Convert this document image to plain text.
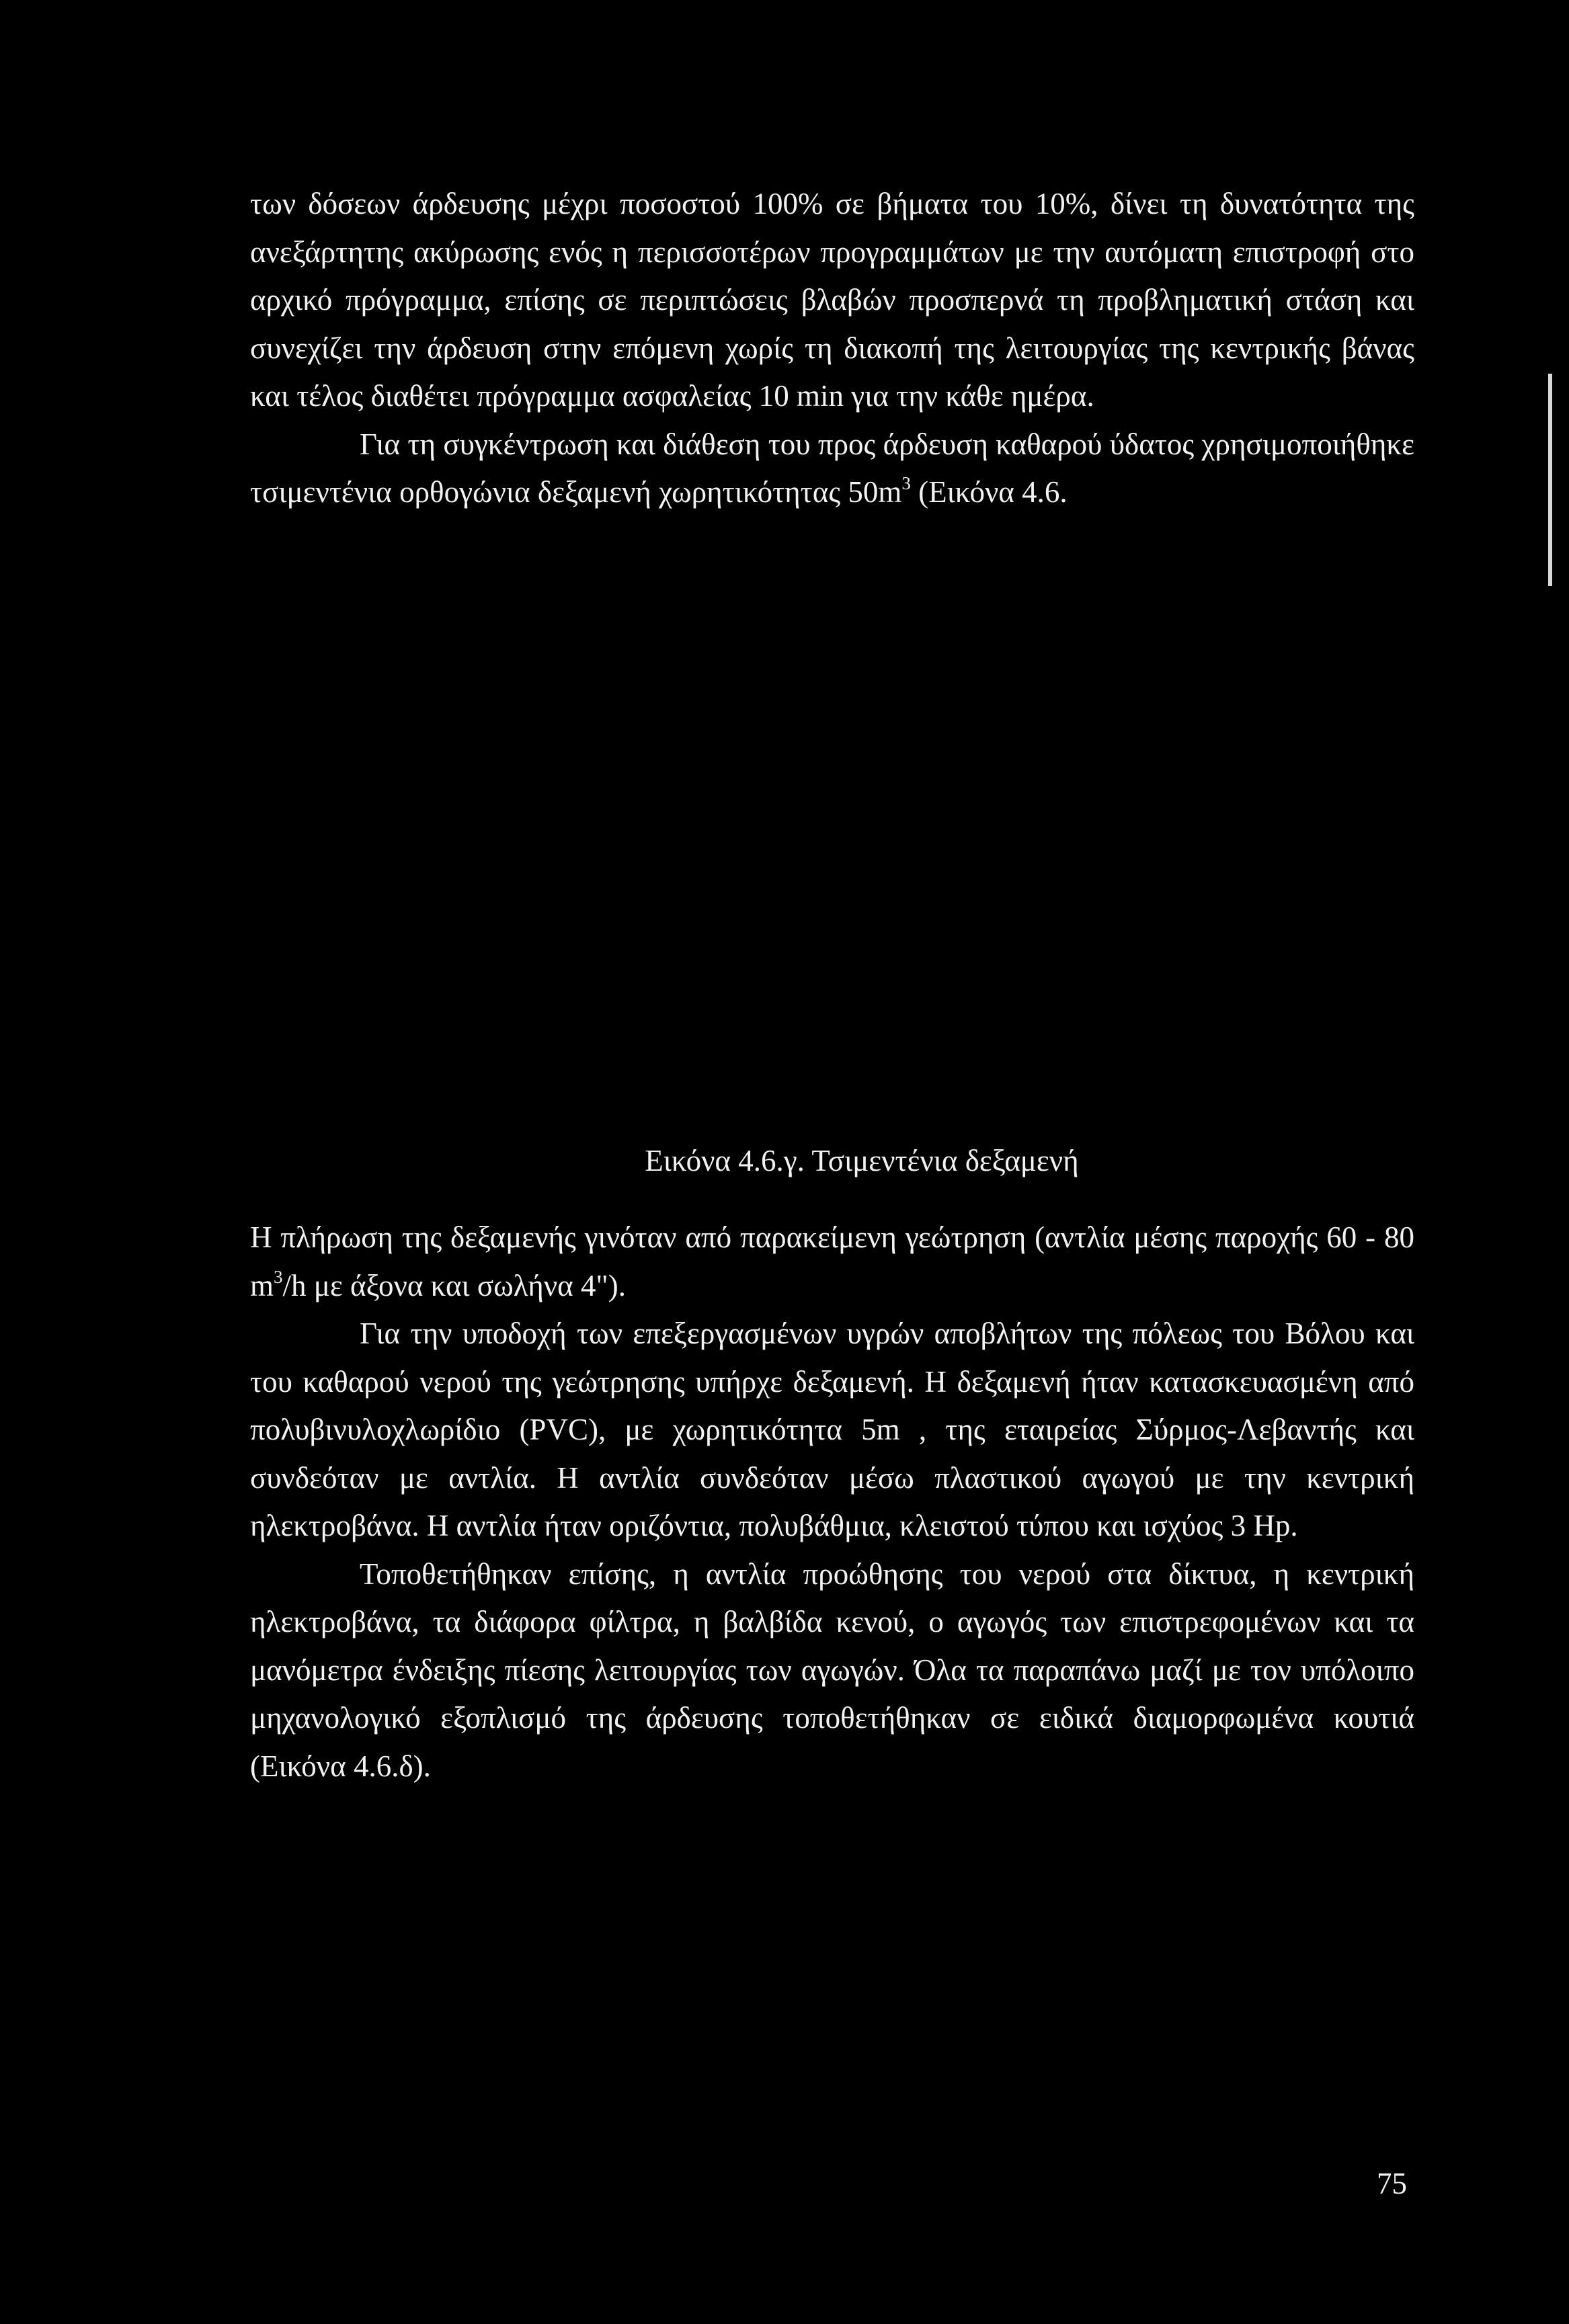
των δόσεων άρδευσης μέχρι ποσοστού 100% σε βήματα του 10%, δίνει τη δυνατότητα της ανεξάρτητης ακύρωσης ενός η περισσοτέρων προγραμμάτων με την αυτόματη επιστροφή στο αρχικό πρόγραμμα, επίσης σε περιπτώσεις βλαβών προσπερνά τη προβληματική στάση και συνεχίζει την άρδευση στην επόμενη χωρίς τη διακοπή της λειτουργίας της κεντρικής βάνας και τέλος διαθέτει πρόγραμμα ασφαλείας 10 min για την κάθε ημέρα.

Για τη συγκέντρωση και διάθεση του προς άρδευση καθαρού ύδατος χρησιμοποιήθηκε τσιμεντένια ορθογώνια δεξαμενή χωρητικότητας $50m^3$ (Εικόνα 4.6.

Εικόνα 4.6.γ. Τσιμεντένια δεξαμενή

Η πλήρωση της δεξαμενής γινόταν από παρακείμενη γεώτρηση (αντλία μέσης παροχής 60 - 80 $m^3/h$ με άξονα και σωλήνα 4").

Για την υποδοχή των επεξεργασμένων υγρών αποβλήτων της πόλεως του Βόλου και του καθαρού νερού της γεώτρησης υπήρχε δεξαμενή. Η δεξαμενή ήταν κατασκευασμένη από πολυβινυλοχλωρίδιο (PVC), με χωρητικότητα 5m , της εταιρείας Σύρμος-Λεβαντής και συνδεόταν με αντλία. Η αντλία συνδεόταν μέσω πλαστικού αγωγού με την κεντρική ηλεκτροβάνα. Η αντλία ήταν οριζόντια, πολυβάθμια, κλειστού τύπου και ισχύος 3 Hp.

Τοποθετήθηκαν επίσης, η αντλία προώθησης του νερού στα δίκτυα, η κεντρική ηλεκτροβάνα, τα διάφορα φίλτρα, η βαλβίδα κενού, ο αγωγός των επιστρεφομένων και τα μανόμετρα ένδειξης πίεσης λειτουργίας των αγωγών. Όλα τα παραπάνω μαζί με τον υπόλοιπο μηχανολογικό εξοπλισμό της άρδευσης τοποθετήθηκαν σε ειδικά διαμορφωμένα κουτιά (Εικόνα 4.6.δ).

75
